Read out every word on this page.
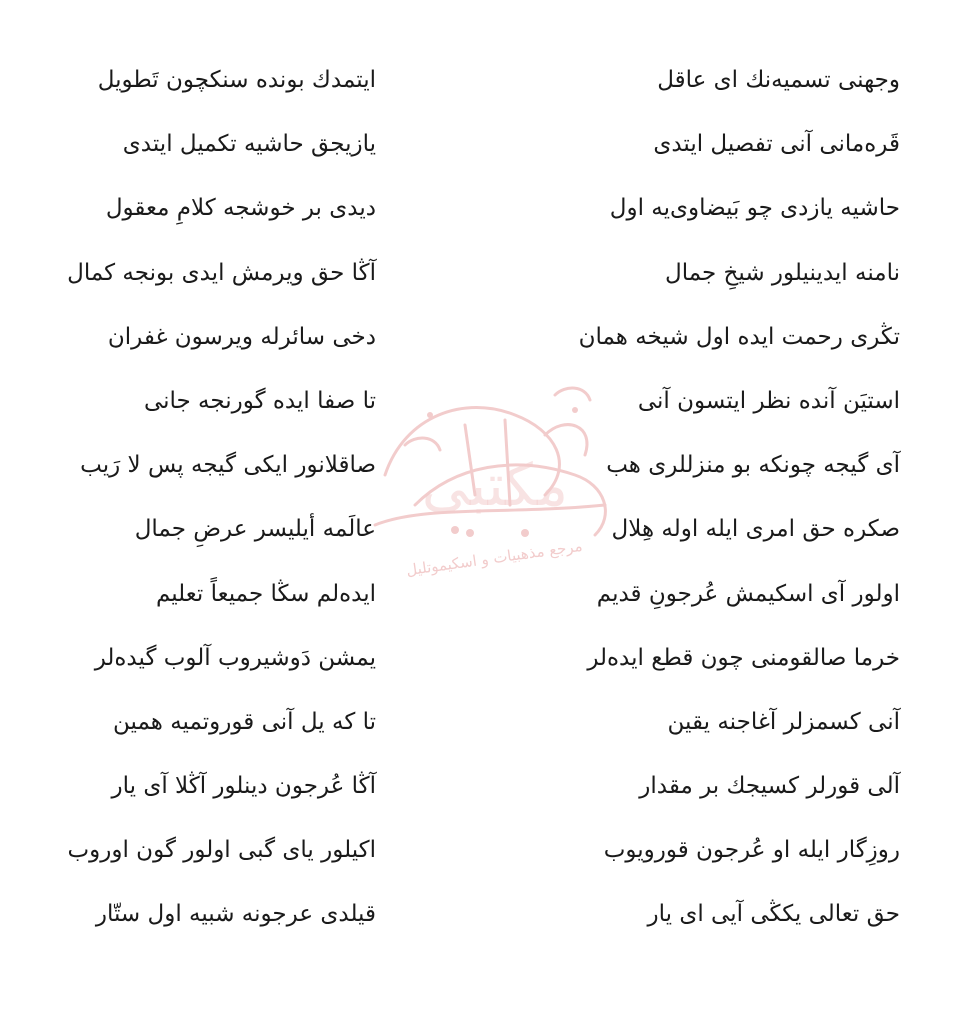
مکتبی
مرجع مذهبیات و اسکیموتلیل
وجهنی تسمیه‌نك ای عاقل
ایتمدك بونده سنكچون تَطویل
قَره‌مانی آنی تفصیل ایتدی
یازیجق حاشیه تكمیل ایتدی
حاشیه یازدی چو بَیضاوی‌یه اول
دیدی بر خوشجه كلامِ معقول
نامنه ایدینیلور شیخِ جمال
آڭا حق ویرمش ایدی بونجه كمال
تڭری رحمت ایده اول شیخه همان
دخی سائرله ویرسون غفران
استیَن آنده نظر ایتسون آنی
تا صفا ایده گورنجه جانی
آی گیجه چونكه بو منزللری هب
صاقلانور ایكی گیجه پس لا رَیب
صكره حق امری ایله اوله هِلال
عالَمه أیلیسر عرضِ جمال
اولور آی اسكیمش عُرجونِ قدیم
ایده‌لم سڭا جمیعاً تعلیم
خرما صالقومنی چون قطع ایده‌لر
یمشن دَوشیروب آلوب گیده‌لر
آنی كسمزلر آغاجنه یقین
تا كه یل آنی قوروتمیه همین
آلی قورلر كسیجك بر مقدار
آڭا عُرجون دینلور آڭلا آی یار
روزِگار ایله او عُرجون قورویوب
اكیلور یای گبی اولور گون اوروب
حق تعالی یكڭی آیی ای یار
قیلدی عرجونه شبیه اول ستّار
